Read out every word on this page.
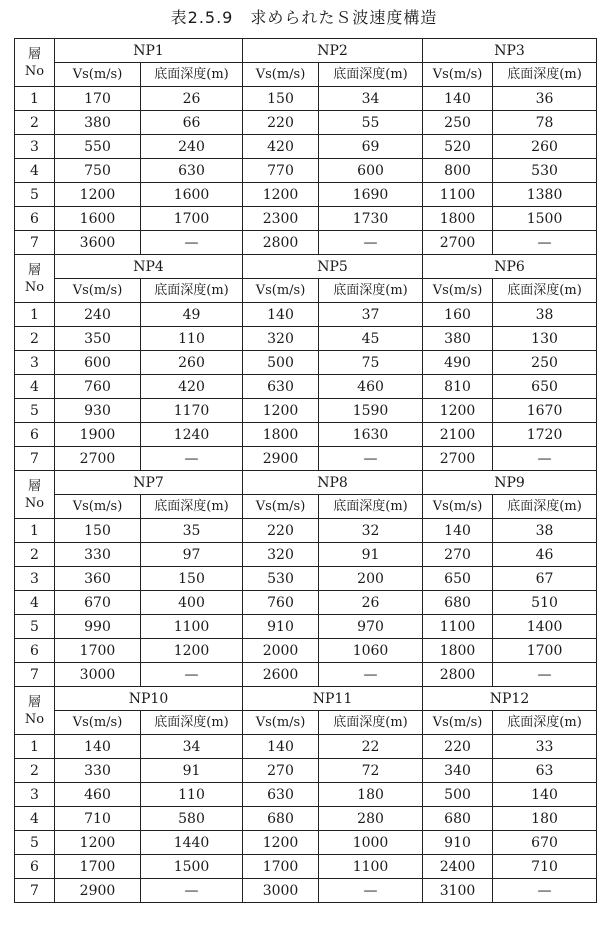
表2.5.9　求められたＳ波速度構造
層
No	NP1		NP2		NP3	
	Vs(m/s)	底面深度(m)	Vs(m/s)	底面深度(m)	Vs(m/s)	底面深度(m)
1	170	26	150	34	140	36
2	380	66	220	55	250	78
3	550	240	420	69	520	260
4	750	630	770	600	800	530
5	1200	1600	1200	1690	1100	1380
6	1600	1700	2300	1730	1800	1500
7	3600	—	2800	—	2700	—

層
No	NP4		NP5		NP6	
	Vs(m/s)	底面深度(m)	Vs(m/s)	底面深度(m)	Vs(m/s)	底面深度(m)
1	240	49	140	37	160	38
2	350	110	320	45	380	130
3	600	260	500	75	490	250
4	760	420	630	460	810	650
5	930	1170	1200	1590	1200	1670
6	1900	1240	1800	1630	2100	1720
7	2700	—	2900	—	2700	—

層
No	NP7		NP8		NP9	
	Vs(m/s)	底面深度(m)	Vs(m/s)	底面深度(m)	Vs(m/s)	底面深度(m)
1	150	35	220	32	140	38
2	330	97	320	91	270	46
3	360	150	530	200	650	67
4	670	400	760	26	680	510
5	990	1100	910	970	1100	1400
6	1700	1200	2000	1060	1800	1700
7	3000	—	2600	—	2800	—

層
No	NP10		NP11		NP12	
	Vs(m/s)	底面深度(m)	Vs(m/s)	底面深度(m)	Vs(m/s)	底面深度(m)
1	140	34	140	22	220	33
2	330	91	270	72	340	63
3	460	110	630	180	500	140
4	710	580	680	280	680	180
5	1200	1440	1200	1000	910	670
6	1700	1500	1700	1100	2400	710
7	2900	—	3000	—	3100	—
